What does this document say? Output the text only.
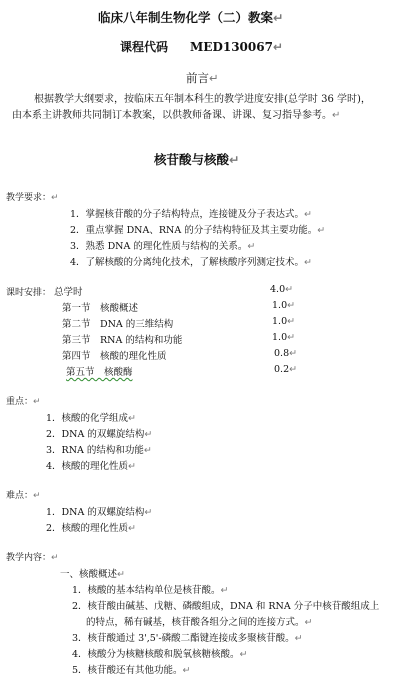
临床八年制生物化学（二）教案↵
课程代码 MED130067↵
前言↵
根据教学大纲要求，按临床五年制本科生的教学进度安排(总学时 36 学时)，由本系主讲教师共同制订本教案，以供教师备课、讲课、复习指导参考。↵
核苷酸与核酸↵
教学要求：↵
1．掌握核苷酸的分子结构特点，连接键及分子表达式。↵
2．重点掌握 DNA、RNA 的分子结构特征及其主要功能。↵
3．熟悉 DNA 的理化性质与结构的关系。↵
4．了解核酸的分离纯化技术，了解核酸序列测定技术。↵
课时安排： 总学时	4.0↵
第一节　核酸概述	1.0↵
第二节　DNA 的三维结构	1.0↵
第三节　RNA 的结构和功能	1.0↵
第四节　核酸的理化性质	0.8↵
第五节　核酸酶	0.2↵
重点：↵
1．核酸的化学组成↵
2．DNA 的双螺旋结构↵
3．RNA 的结构和功能↵
4．核酸的理化性质↵
难点：↵
1．DNA 的双螺旋结构↵
2．核酸的理化性质↵
教学内容：↵
一、核酸概述↵
1．核酸的基本结构单位是核苷酸。↵
2．核苷酸由碱基、戊糖、磷酸组成，DNA 和 RNA 分子中核苷酸组成上
的特点，稀有碱基，核苷酸各组分之间的连接方式。↵
3．核苷酸通过 3',5'-磷酸二酯键连接成多聚核苷酸。↵
4．核酸分为核糖核酸和脱氧核糖核酸。↵
5．核苷酸还有其他功能。↵
